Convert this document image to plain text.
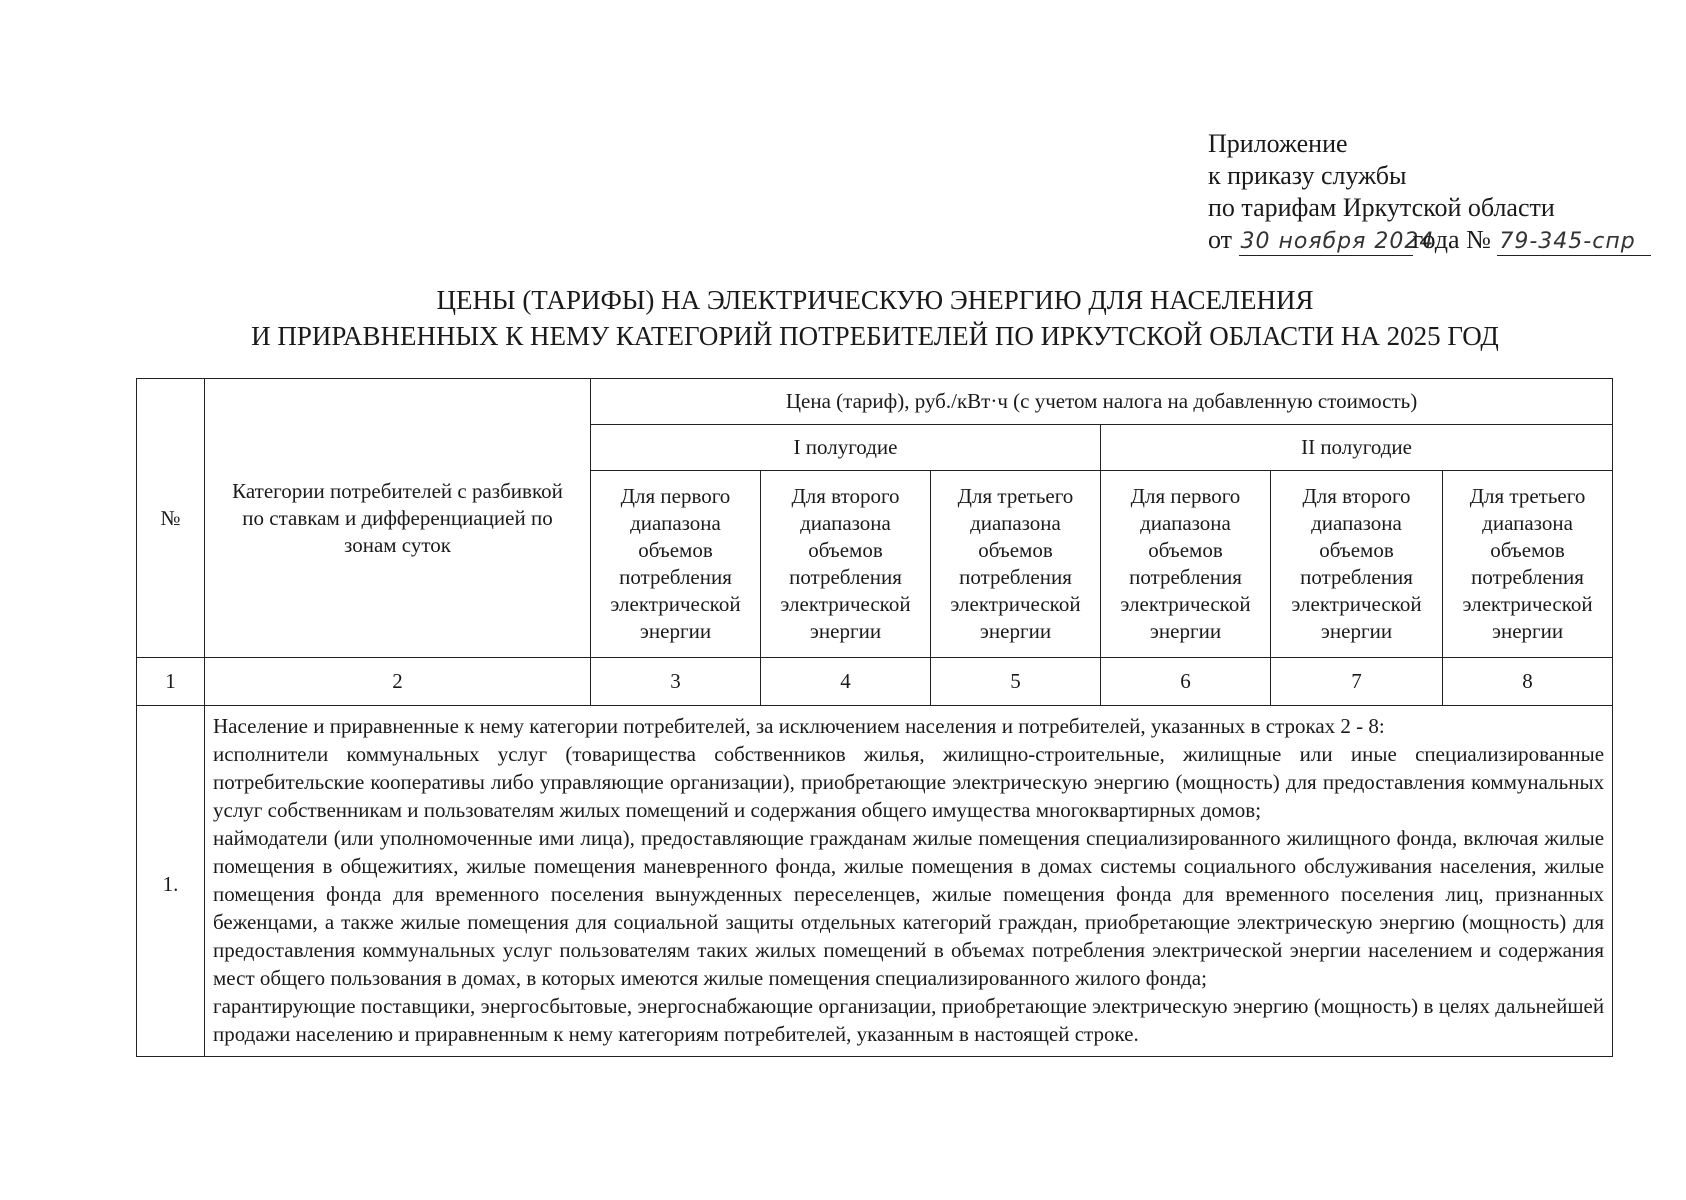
Приложение
к приказу службы
по тарифам Иркутской области
от 30 ноября 2024года № 79-345-спр
ЦЕНЫ (ТАРИФЫ) НА ЭЛЕКТРИЧЕСКУЮ ЭНЕРГИЮ ДЛЯ НАСЕЛЕНИЯ
И ПРИРАВНЕННЫХ К НЕМУ КАТЕГОРИЙ ПОТРЕБИТЕЛЕЙ ПО ИРКУТСКОЙ ОБЛАСТИ НА 2025 ГОД
№	Категории потребителей с разбивкой по ставкам и дифференциацией по зонам суток	Цена (тариф), руб./кВт·ч (с учетом налога на добавленную стоимость)					
		I полугодие			II полугодие		
		Для первого диапазона объемов потребления электрической энергии	Для второго диапазона объемов потребления электрической энергии	Для третьего диапазона объемов потребления электрической энергии	Для первого диапазона объемов потребления электрической энергии	Для второго диапазона объемов потребления электрической энергии	Для третьего диапазона объемов потребления электрической энергии
1	2	3	4	5	6	7	8
1.	Население и приравненные к нему категории потребителей, за исключением населения и потребителей, указанных в строках 2 - 8:
исполнители коммунальных услуг (товарищества собственников жилья, жилищно-строительные, жилищные или иные специализированные потребительские кооперативы либо управляющие организации), приобретающие электрическую энергию (мощность) для предоставления коммунальных услуг собственникам и пользователям жилых помещений и содержания общего имущества многоквартирных домов;
наймодатели (или уполномоченные ими лица), предоставляющие гражданам жилые помещения специализированного жилищного фонда, включая жилые помещения в общежитиях, жилые помещения маневренного фонда, жилые помещения в домах системы социального обслуживания населения, жилые помещения фонда для временного поселения вынужденных переселенцев, жилые помещения фонда для временного поселения лиц, признанных беженцами, а также жилые помещения для социальной защиты отдельных категорий граждан, приобретающие электрическую энергию (мощность) для предоставления коммунальных услуг пользователям таких жилых помещений в объемах потребления электрической энергии населением и содержания мест общего пользования в домах, в которых имеются жилые помещения специализированного жилого фонда;
гарантирующие поставщики, энергосбытовые, энергоснабжающие организации, приобретающие электрическую энергию (мощность) в целях дальнейшей продажи населению и приравненным к нему категориям потребителей, указанным в настоящей строке.						
